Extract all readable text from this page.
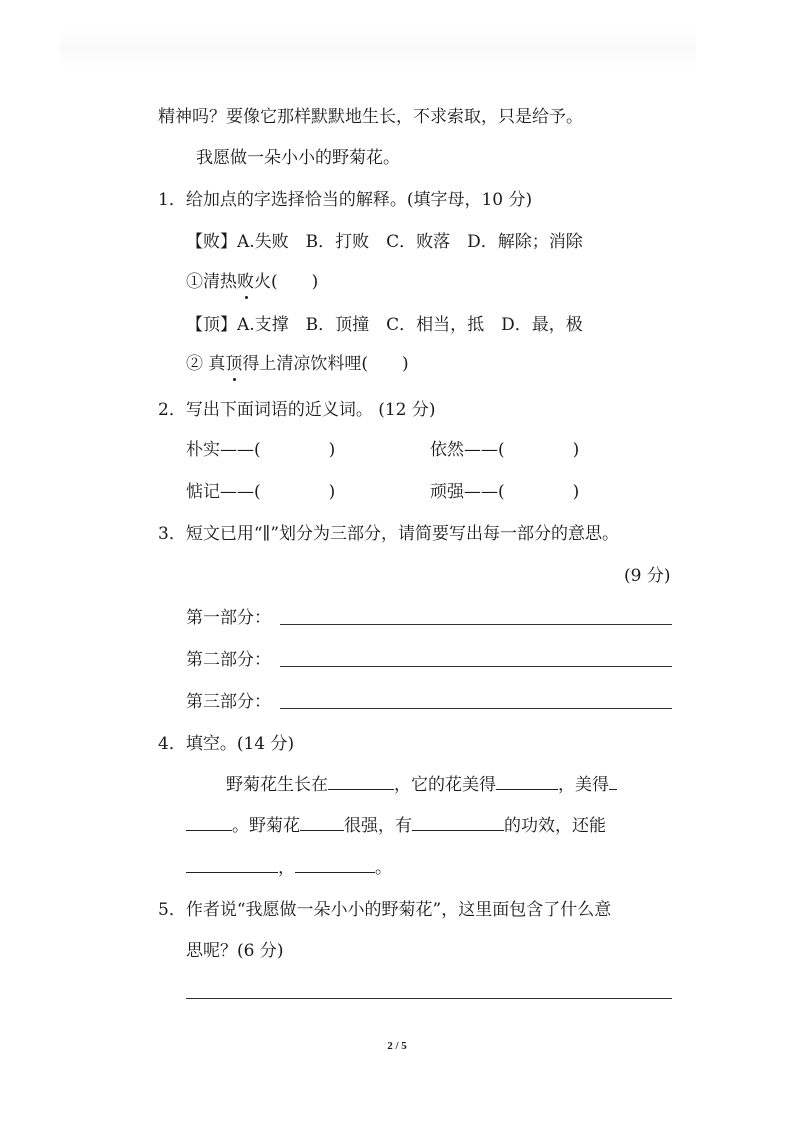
精神吗？要像它那样默默地生长，不求索取，只是给予。
我愿做一朵小小的野菊花。
1．给加点的字选择恰当的解释。(填字母，10 分)
【败】A.失败　B．打败　C．败落　D．解除；消除
①清热败火(　　)
【顶】A.支撑　B．顶撞　C．相当，抵　D．最，极
② 真顶得上清凉饮料哩(　　)
2．写出下面词语的近义词。 (12 分)
朴实——(　　　　)	依然——(　　　　)
惦记——(　　　　)	顽强——(　　　　)
3．短文已用“∥”划分为三部分，请简要写出每一部分的意思。
(9 分)
第一部分：
第二部分：
第三部分：
4．填空。(14 分)
野菊花生长在	，它的花美得	，美得
。野菊花	很强，有	的功效，还能
，	。
5．作者说“我愿做一朵小小的野菊花”，这里面包含了什么意
思呢？(6 分)
2 / 5
